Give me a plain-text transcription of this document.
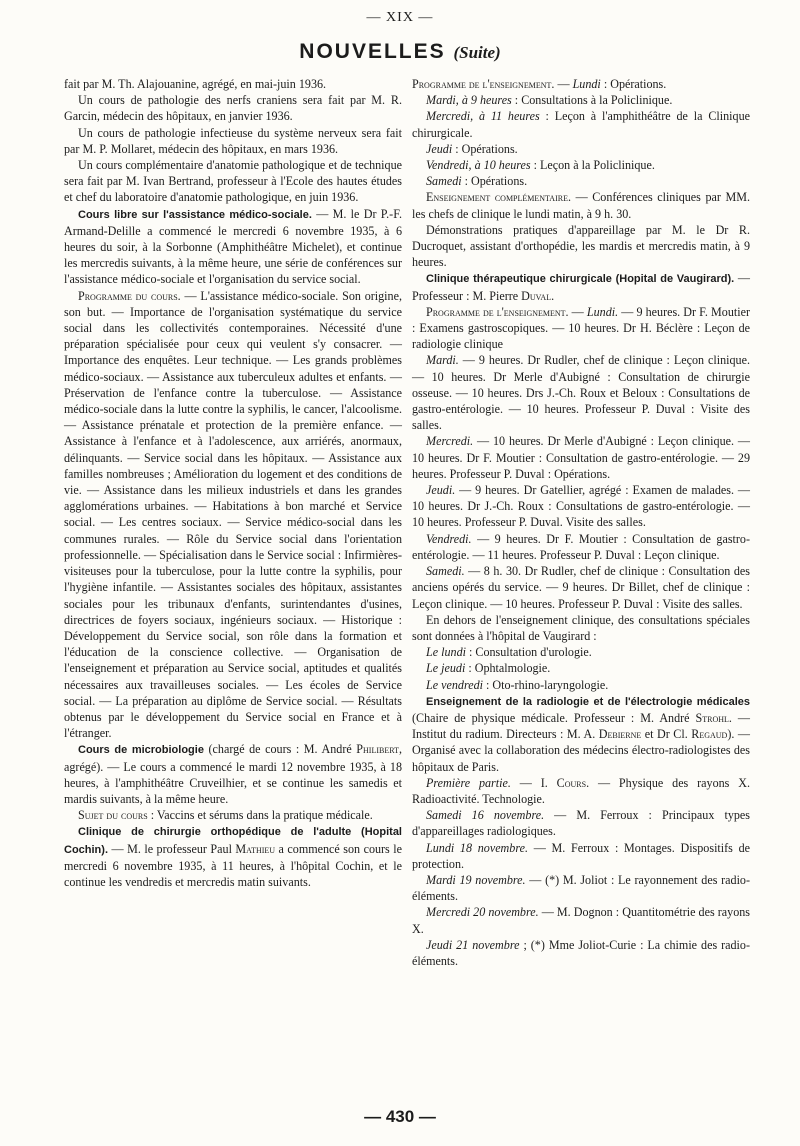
— XIX —
NOUVELLES (Suite)

fait par M. Th. Alajouanine, agrégé, en mai-juin 1936.

Un cours de pathologie des nerfs craniens sera fait par M. R. Garcin, médecin des hôpitaux, en janvier 1936.

Un cours de pathologie infectieuse du système nerveux sera fait par M. P. Mollaret, médecin des hôpitaux, en mars 1936.

Un cours complémentaire d'anatomie pathologique et de technique sera fait par M. Ivan Bertrand, professeur à l'Ecole des hautes études et chef du laboratoire d'anatomie pathologique, en juin 1936.

Cours libre sur l'assistance médico-sociale. — M. le Dr P.-F. Armand-Delille a commencé le mercredi 6 novembre 1935, à 6 heures du soir, à la Sorbonne (Amphithéâtre Michelet), et continue les mercredis suivants, à la même heure, une série de conférences sur l'assistance médico-sociale et l'organisation du service social.

Programme du cours. — L'assistance médico-sociale. Son origine, son but. — Importance de l'organisation systématique du service social dans les collectivités contemporaines. Nécessité d'une préparation spécialisée pour ceux qui veulent s'y consacrer. — Importance des enquêtes. Leur technique. — Les grands problèmes médico-sociaux. — Assistance aux tuberculeux adultes et enfants. — Préservation de l'enfance contre la tuberculose. — Assistance médico-sociale dans la lutte contre la syphilis, le cancer, l'alcoolisme. — Assistance prénatale et protection de la première enfance. — Assistance à l'enfance et à l'adolescence, aux arriérés, anormaux, délinquants. — Service social dans les hôpitaux. — Assistance aux familles nombreuses ; Amélioration du logement et des conditions de vie. — Assistance dans les milieux industriels et dans les grandes agglomérations urbaines. — Habitations à bon marché et Service social. — Les centres sociaux. — Service médico-social dans les communes rurales. — Rôle du Service social dans l'orientation professionnelle. — Spécialisation dans le Service social : Infirmières-visiteuses pour la tuberculose, pour la lutte contre la syphilis, pour l'hygiène infantile. — Assistantes sociales des hôpitaux, assistantes sociales pour les tribunaux d'enfants, surintendantes d'usines, directrices de foyers sociaux, ingénieurs sociaux. — Historique : Développement du Service social, son rôle dans la formation et l'éducation de la conscience collective. — Organisation de l'enseignement et préparation au Service social, aptitudes et qualités nécessaires aux travailleuses sociales. — Les écoles de Service social. — La préparation au diplôme de Service social. — Résultats obtenus par le développement du Service social en France et à l'étranger.

Cours de microbiologie (chargé de cours : M. André Philibert, agrégé). — Le cours a commencé le mardi 12 novembre 1935, à 18 heures, à l'amphithéâtre Cruveilhier, et se continue les samedis et mardis suivants, à la même heure.

Sujet du cours : Vaccins et sérums dans la pratique médicale.

Clinique de chirurgie orthopédique de l'adulte (Hopital Cochin). — M. le professeur Paul Mathieu a commencé son cours le mercredi 6 novembre 1935, à 11 heures, à l'hôpital Cochin, et le continue les vendredis et mercredis matin suivants.

Programme de l'enseignement. — Lundi : Opérations.

Mardi, à 9 heures : Consultations à la Policlinique.

Mercredi, à 11 heures : Leçon à l'amphithéâtre de la Clinique chirurgicale.

Jeudi : Opérations.

Vendredi, à 10 heures : Leçon à la Policlinique.

Samedi : Opérations.

Enseignement complémentaire. — Conférences cliniques par MM. les chefs de clinique le lundi matin, à 9 h. 30.

Démonstrations pratiques d'appareillage par M. le Dr R. Ducroquet, assistant d'orthopédie, les mardis et mercredis matin, à 9 heures.

Clinique thérapeutique chirurgicale (Hopital de Vaugirard). — Professeur : M. Pierre Duval.

Programme de l'enseignement. — Lundi. — 9 heures. Dr F. Moutier : Examens gastroscopiques. — 10 heures. Dr H. Béclère : Leçon de radiologie clinique

Mardi. — 9 heures. Dr Rudler, chef de clinique : Leçon clinique. — 10 heures. Dr Merle d'Aubigné : Consultation de chirurgie osseuse. — 10 heures. Drs J.-Ch. Roux et Beloux : Consultations de gastro-entérologie. — 10 heures. Professeur P. Duval : Visite des salles.

Mercredi. — 10 heures. Dr Merle d'Aubigné : Leçon clinique. — 10 heures. Dr F. Moutier : Consultation de gastro-entérologie. — 29 heures. Professeur P. Duval : Opérations.

Jeudi. — 9 heures. Dr Gatellier, agrégé : Examen de malades. — 10 heures. Dr J.-Ch. Roux : Consultations de gastro-entérologie. — 10 heures. Professeur P. Duval. Visite des salles.

Vendredi. — 9 heures. Dr F. Moutier : Consultation de gastro-entérologie. — 11 heures. Professeur P. Duval : Leçon clinique.

Samedi. — 8 h. 30. Dr Rudler, chef de clinique : Consultation des anciens opérés du service. — 9 heures. Dr Billet, chef de clinique : Leçon clinique. — 10 heures. Professeur P. Duval : Visite des salles.

En dehors de l'enseignement clinique, des consultations spéciales sont données à l'hôpital de Vaugirard :

Le lundi : Consultation d'urologie.

Le jeudi : Ophtalmologie.

Le vendredi : Oto-rhino-laryngologie.

Enseignement de la radiologie et de l'électrologie médicales (Chaire de physique médicale. Professeur : M. André Strohl. — Institut du radium. Directeurs : M. A. Debierne et Dr Cl. Regaud). — Organisé avec la collaboration des médecins électro-radiologistes des hôpitaux de Paris.

Première partie. — I. Cours. — Physique des rayons X. Radioactivité. Technologie.

Samedi 16 novembre. — M. Ferroux : Principaux types d'appareillages radiologiques.

Lundi 18 novembre. — M. Ferroux : Montages. Dispositifs de protection.

Mardi 19 novembre. — (*) M. Joliot : Le rayonnement des radio-éléments.

Mercredi 20 novembre. — M. Dognon : Quantitométrie des rayons X.

Jeudi 21 novembre ; (*) Mme Joliot-Curie : La chimie des radio-éléments.

— 430 —
